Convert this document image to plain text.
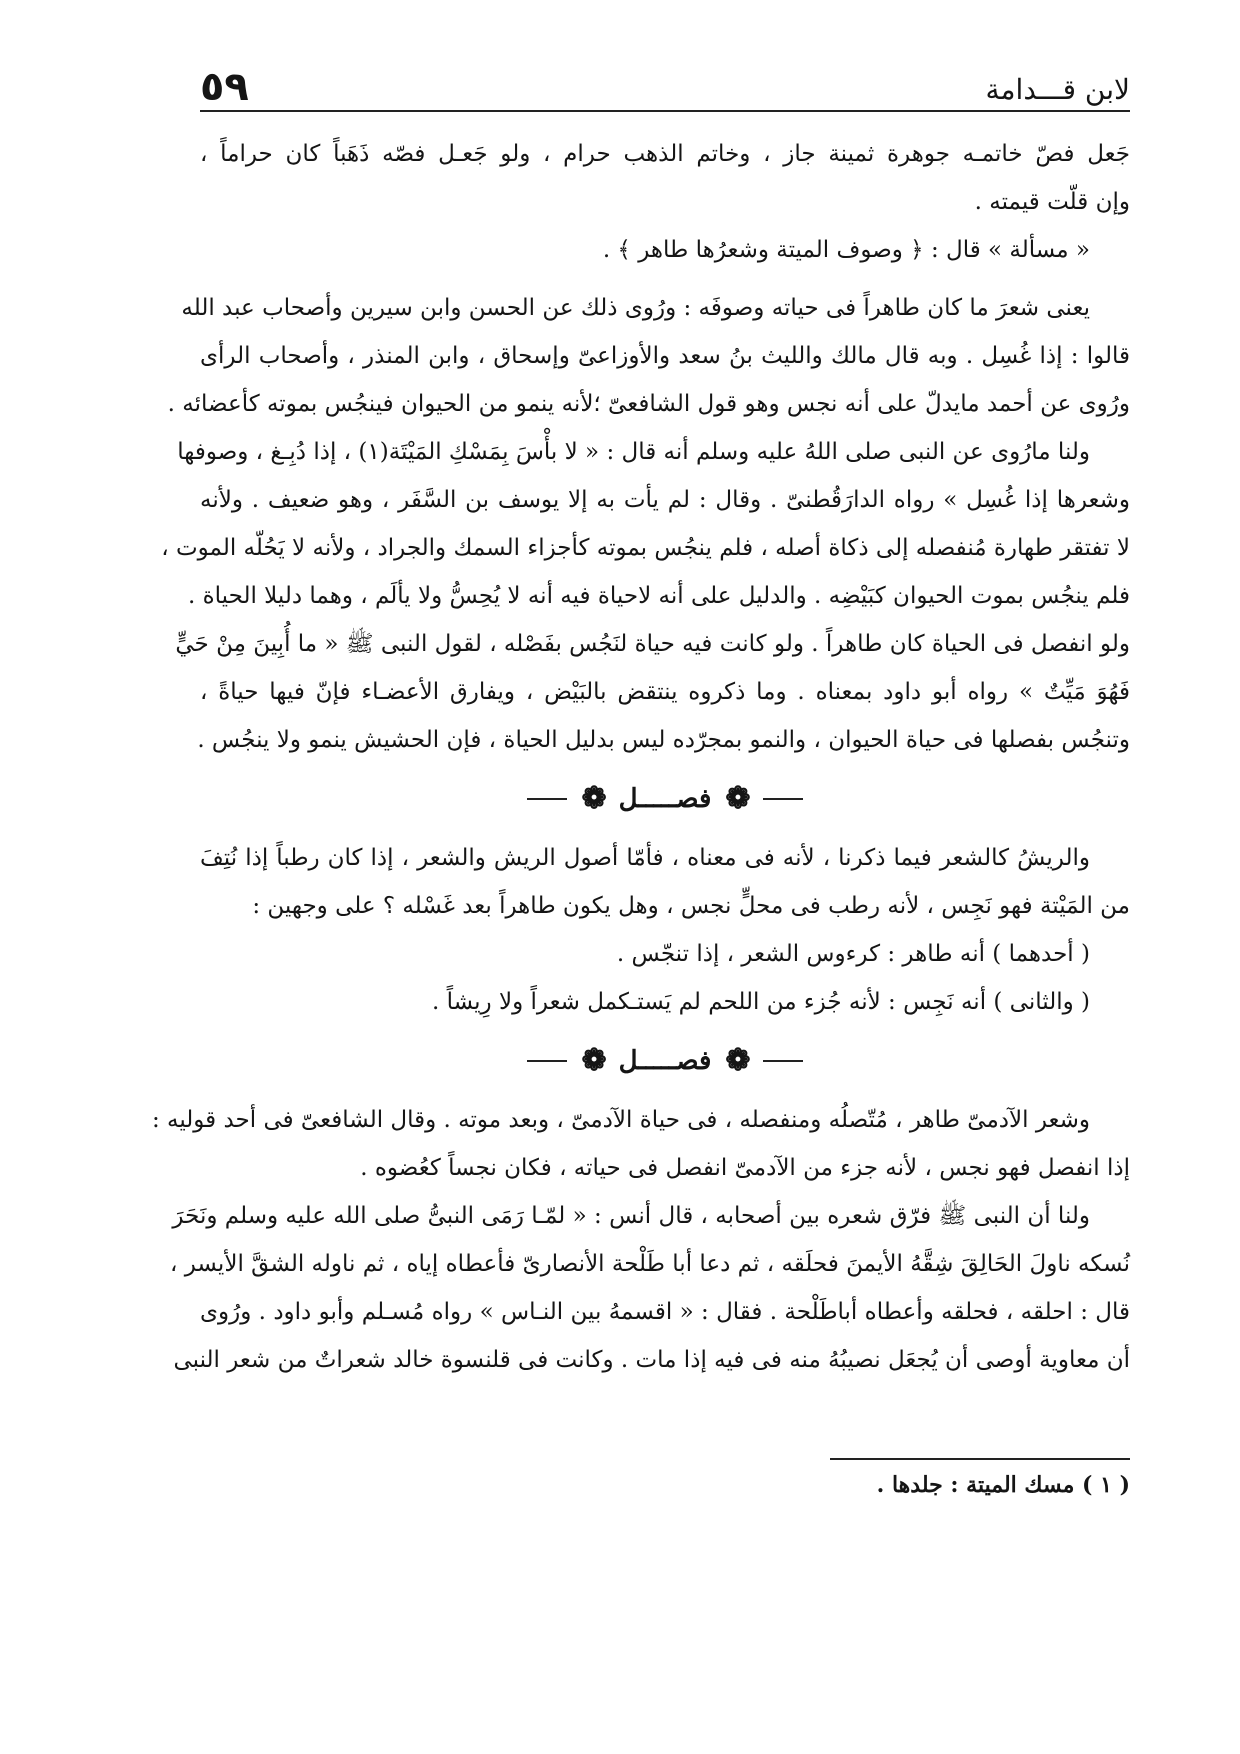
لابن قـــدامة
٥٩
جَعل فصّ خاتمـه جوهرة ثمينة جاز ، وخاتم الذهب حرام ، ولو جَعـل فصّه ذَهَباً كان حراماً ،
وإن قلّت قيمته .
« مسألة » قال : ﴿ وصوف الميتة وشعرُها طاهر ﴾ .
يعنى شعرَ ما كان طاهراً فى حياته وصوفَه : ورُوى ذلك عن الحسن وابن سيرين وأصحاب عبد الله
قالوا : إذا غُسِل . وبه قال مالك والليث بنُ سعد والأوزاعىّ وإسحاق ، وابن المنذر ، وأصحاب الرأى
ورُوى عن أحمد مايدلّ على أنه نجس وهو قول الشافعىّ ؛لأنه ينمو من الحيوان فينجُس بموته كأعضائه .
ولنا مارُوى عن النبى صلى اللهُ عليه وسلم أنه قال : « لا بأْسَ بِمَسْكِ المَيْتَة(١) ، إذا دُبِـغ ، وصوفها
وشعرها إذا غُسِل » رواه الدارَقُطنىّ . وقال : لم يأت به إلا يوسف بن السَّفَر ، وهو ضعيف . ولأنه
لا تفتقر طهارة مُنفصله إلى ذكاة أصله ، فلم ينجُس بموته كأجزاء السمك والجراد ، ولأنه لا يَحُلّه الموت ،
فلم ينجُس بموت الحيوان كبَيْضِه . والدليل على أنه لاحياة فيه أنه لا يُحِسُّ ولا يألَم ، وهما دليلا الحياة .
ولو انفصل فى الحياة كان طاهراً . ولو كانت فيه حياة لنَجُس بفَصْله ، لقول النبى ﷺ « ما أُبِينَ مِنْ حَيٍّ
فَهُوَ مَيِّتٌ » رواه أبو داود بمعناه . وما ذكروه ينتقض بالبَيْض ، ويفارق الأعضـاء فإنّ فيها حياةً ،
وتنجُس بفصلها فى حياة الحيوان ، والنمو بمجرّده ليس بدليل الحياة ، فإن الحشيش ينمو ولا ينجُس .
❁
فصـــــل
❁
والريشُ كالشعر فيما ذكرنا ، لأنه فى معناه ، فأمّا أصول الريش والشعر ، إذا كان رطباً إذا نُتِفَ
من المَيْتة فهو نَجِس ، لأنه رطب فى محلٍّ نجس ، وهل يكون طاهراً بعد غَسْله ؟ على وجهين :
( أحدهما ) أنه طاهر : كرءوس الشعر ، إذا تنجّس .
( والثانى ) أنه نَجِس : لأنه جُزء من اللحم لم يَستـكمل شعراً ولا رِيشاً .
❁
فصـــــل
❁
وشعر الآدمىّ طاهر ، مُتّصلُه ومنفصله ، فى حياة الآدمىّ ، وبعد موته . وقال الشافعىّ فى أحد قوليه :
إذا انفصل فهو نجس ، لأنه جزء من الآدمىّ انفصل فى حياته ، فكان نجساً كعُضوه .
ولنا أن النبى ﷺ فرّق شعره بين أصحابه ، قال أنس : « لمّـا رَمَى النبىُّ صلى الله عليه وسلم ونَحَرَ
نُسكه ناولَ الحَالِقَ شِقَّهُ الأيمنَ فحلَقه ، ثم دعا أبا طَلْحة الأنصارىّ فأعطاه إياه ، ثم ناوله الشقَّ الأيسر ،
قال : احلقه ، فحلقه وأعطاه أباطَلْحة . فقال : « اقسمهُ بين النـاس » رواه مُسـلم وأبو داود . ورُوى
أن معاوية أوصى أن يُجعَل نصيبُهُ منه فى فيه إذا مات . وكانت فى قلنسوة خالد شعراتٌ من شعر النبى
( ١ ) مسك الميتة : جلدها .
